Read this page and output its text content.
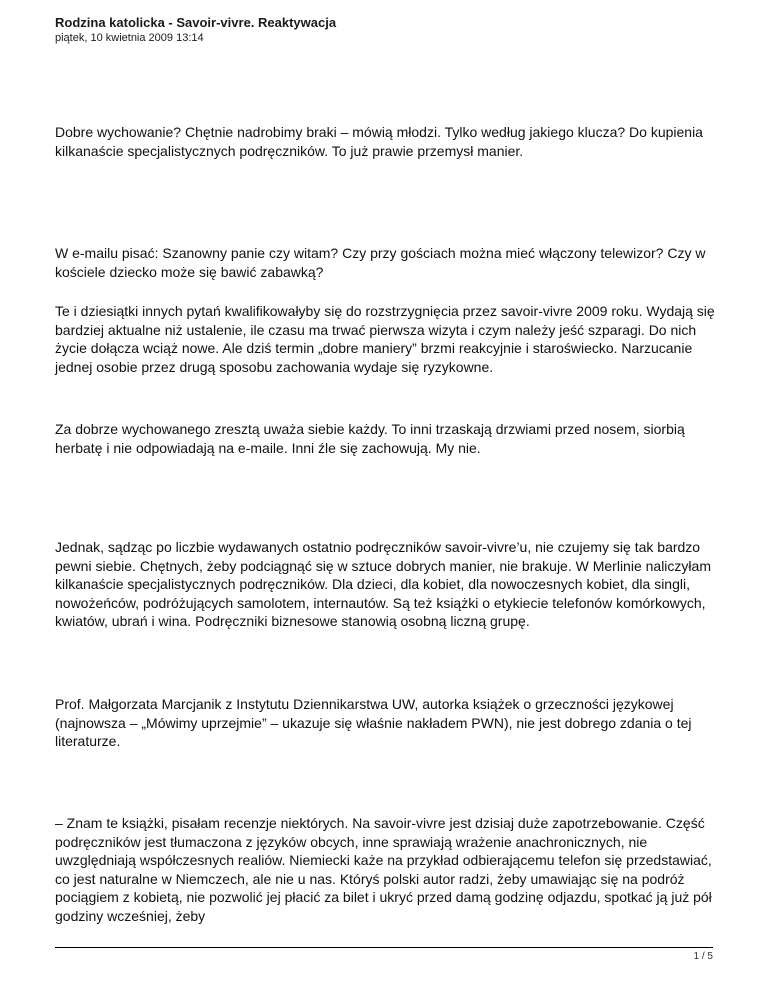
Rodzina katolicka - Savoir-vivre. Reaktywacja

piątek, 10 kwietnia 2009 13:14

Dobre wychowanie? Chętnie nadrobimy braki – mówią młodzi. Tylko według jakiego klucza? Do kupienia kilkanaście specjalistycznych podręczników. To już prawie przemysł manier.

W e-mailu pisać: Szanowny panie czy witam? Czy przy gościach można mieć włączony telewizor? Czy w kościele dziecko może się bawić zabawką?

Te i dziesiątki innych pytań kwalifikowałyby się do rozstrzygnięcia przez savoir-vivre 2009 roku. Wydają się bardziej aktualne niż ustalenie, ile czasu ma trwać pierwsza wizyta i czym należy jeść szparagi. Do nich życie dołącza wciąż nowe. Ale dziś termin „dobre maniery” brzmi reakcyjnie i staroświecko. Narzucanie jednej osobie przez drugą sposobu zachowania wydaje się ryzykowne.

Za dobrze wychowanego zresztą uważa siebie każdy. To inni trzaskają drzwiami przed nosem, siorbią herbatę i nie odpowiadają na e-maile. Inni źle się zachowują. My nie.

Jednak, sądząc po liczbie wydawanych ostatnio podręczników savoir-vivre’u, nie czujemy się tak bardzo pewni siebie. Chętnych, żeby podciągnąć się w sztuce dobrych manier, nie brakuje. W Merlinie naliczyłam kilkanaście specjalistycznych podręczników. Dla dzieci, dla kobiet, dla nowoczesnych kobiet, dla singli, nowożeńców, podróżujących samolotem, internautów. Są też książki o etykiecie telefonów komórkowych, kwiatów, ubrań i wina. Podręczniki biznesowe stanowią osobną liczną grupę.

Prof. Małgorzata Marcjanik z Instytutu Dziennikarstwa UW, autorka książek o grzeczności językowej (najnowsza – „Mówimy uprzejmie” – ukazuje się właśnie nakładem PWN), nie jest dobrego zdania o tej literaturze.

– Znam te książki, pisałam recenzje niektórych. Na savoir-vivre jest dzisiaj duże zapotrzebowanie. Część podręczników jest tłumaczona z języków obcych, inne sprawiają wrażenie anachronicznych, nie uwzględniają współczesnych realiów. Niemiecki każe na przykład odbierającemu telefon się przedstawiać, co jest naturalne w Niemczech, ale nie u nas. Któryś polski autor radzi, żeby umawiając się na podróż pociągiem z kobietą, nie pozwolić jej płacić za bilet i ukryć przed damą godzinę odjazdu, spotkać ją już pół godziny wcześniej, żeby

1 / 5
